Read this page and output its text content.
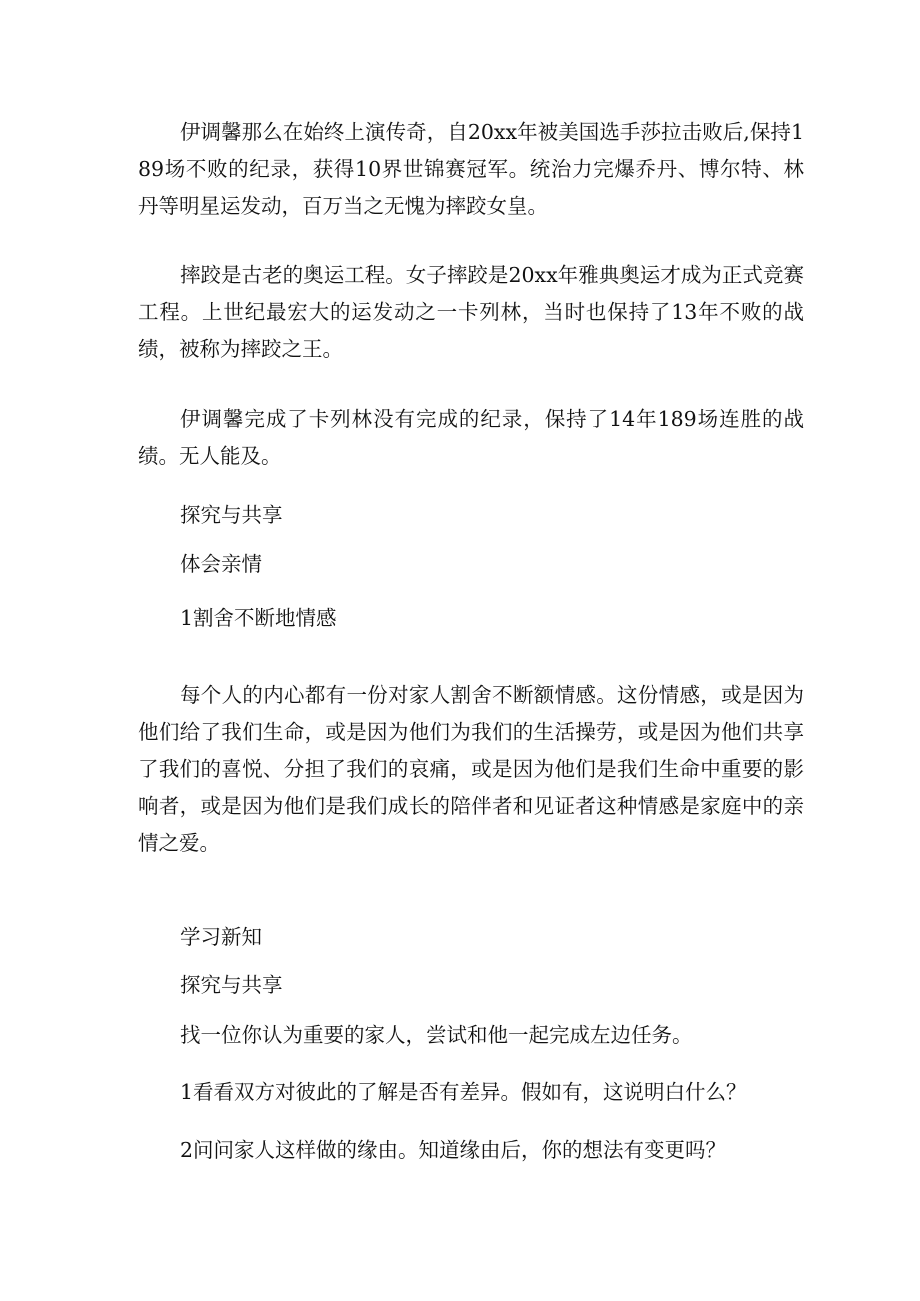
伊调馨那么在始终上演传奇，自20xx年被美国选手莎拉击败后,保持189场不败的纪录，获得10界世锦赛冠军。统治力完爆乔丹、博尔特、林丹等明星运发动，百万当之无愧为摔跤女皇。

摔跤是古老的奥运工程。女子摔跤是20xx年雅典奥运才成为正式竞赛工程。上世纪最宏大的运发动之一卡列林，当时也保持了13年不败的战绩，被称为摔跤之王。

伊调馨完成了卡列林没有完成的纪录，保持了14年189场连胜的战绩。无人能及。

探究与共享

体会亲情

1割舍不断地情感

每个人的内心都有一份对家人割舍不断额情感。这份情感，或是因为他们给了我们生命，或是因为他们为我们的生活操劳，或是因为他们共享了我们的喜悦、分担了我们的哀痛，或是因为他们是我们生命中重要的影响者，或是因为他们是我们成长的陪伴者和见证者这种情感是家庭中的亲情之爱。

学习新知

探究与共享

找一位你认为重要的家人，尝试和他一起完成左边任务。

1看看双方对彼此的了解是否有差异。假如有，这说明白什么？

2问问家人这样做的缘由。知道缘由后，你的想法有变更吗？
